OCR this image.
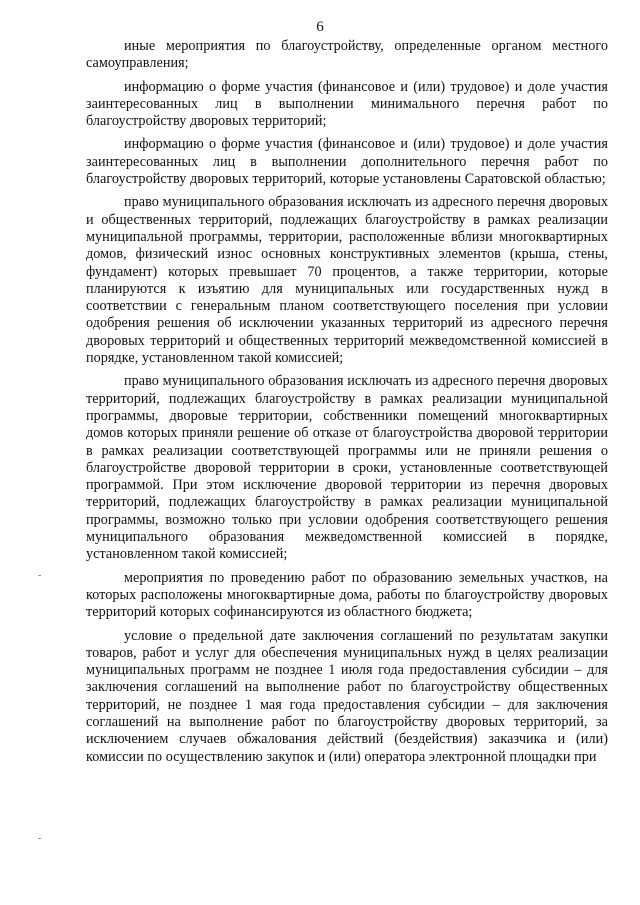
6

иные мероприятия по благоустройству, определенные органом местного самоуправления;

информацию о форме участия (финансовое и (или) трудовое) и доле участия заинтересованных лиц в выполнении минимального перечня работ по благоустройству дворовых территорий;

информацию о форме участия (финансовое и (или) трудовое) и доле участия заинтересованных лиц в выполнении дополнительного перечня работ по благоустройству дворовых территорий, которые установлены Саратовской областью;

право муниципального образования исключать из адресного перечня дворовых и общественных территорий, подлежащих благоустройству в рамках реализации муниципальной программы, территории, расположенные вблизи многоквартирных домов, физический износ основных конструктивных элементов (крыша, стены, фундамент) которых превышает 70 процентов, а также территории, которые планируются к изъятию для муниципальных или государственных нужд в соответствии с генеральным планом соответствующего поселения при условии одобрения решения об исключении указанных территорий из адресного перечня дворовых территорий и общественных территорий межведомственной комиссией в порядке, установленном такой комиссией;

право муниципального образования исключать из адресного перечня дворовых территорий, подлежащих благоустройству в рамках реализации муниципальной программы, дворовые территории, собственники помещений многоквартирных домов которых приняли решение об отказе от благоустройства дворовой территории в рамках реализации соответствующей программы или не приняли решения о благоустройстве дворовой территории в сроки, установленные соответствующей программой. При этом исключение дворовой территории из перечня дворовых территорий, подлежащих благоустройству в рамках реализации муниципальной программы, возможно только при условии одобрения соответствующего решения муниципального образования межведомственной комиссией в порядке, установленном такой комиссией;

мероприятия по проведению работ по образованию земельных участков, на которых расположены многоквартирные дома, работы по благоустройству дворовых территорий которых софинансируются из областного бюджета;

условие о предельной дате заключения соглашений по результатам закупки товаров, работ и услуг для обеспечения муниципальных нужд в целях реализации муниципальных программ не позднее 1 июля года предоставления субсидии – для заключения соглашений на выполнение работ по благоустройству общественных территорий, не позднее 1 мая года предоставления субсидии – для заключения соглашений на выполнение работ по благоустройству дворовых территорий, за исключением случаев обжалования действий (бездействия) заказчика и (или) комиссии по осуществлению закупок и (или) оператора электронной площадки при
